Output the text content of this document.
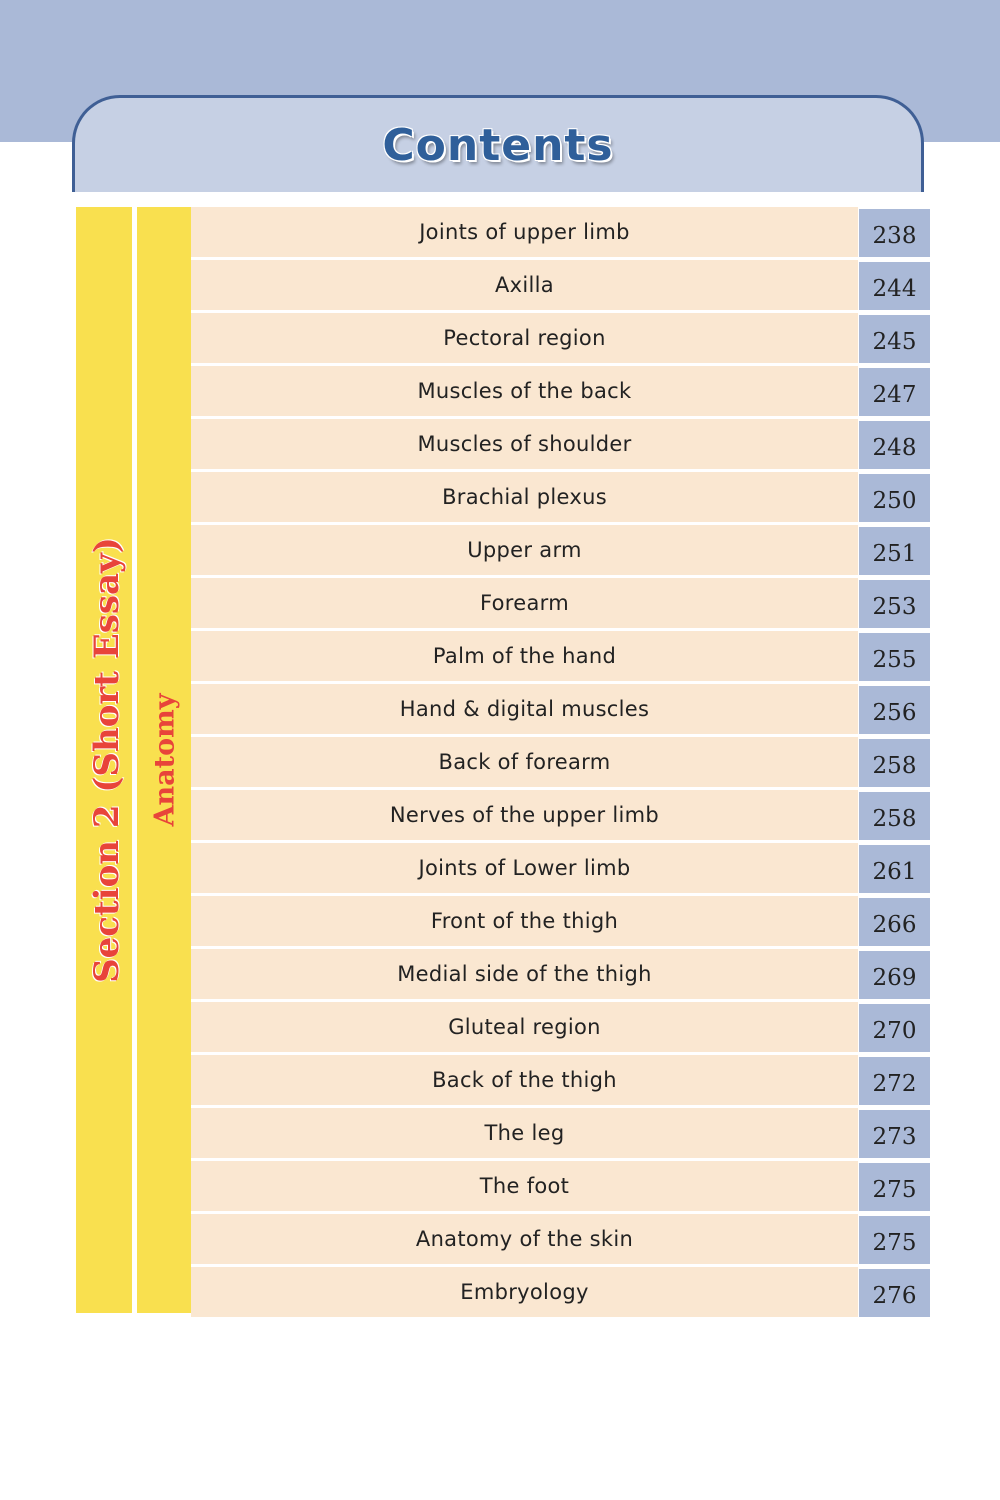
Contents
Section 2 (Short Essay) Anatomy
Joints of upper limb	238
Axilla	244
Pectoral region	245
Muscles of the back	247
Muscles of shoulder	248
Brachial plexus	250
Upper arm	251
Forearm	253
Palm of the hand	255
Hand & digital muscles	256
Back of forearm	258
Nerves of the upper limb	258
Joints of Lower limb	261
Front of the thigh	266
Medial side of the thigh	269
Gluteal region	270
Back of the thigh	272
The leg	273
The foot	275
Anatomy of the skin	275
Embryology	276
